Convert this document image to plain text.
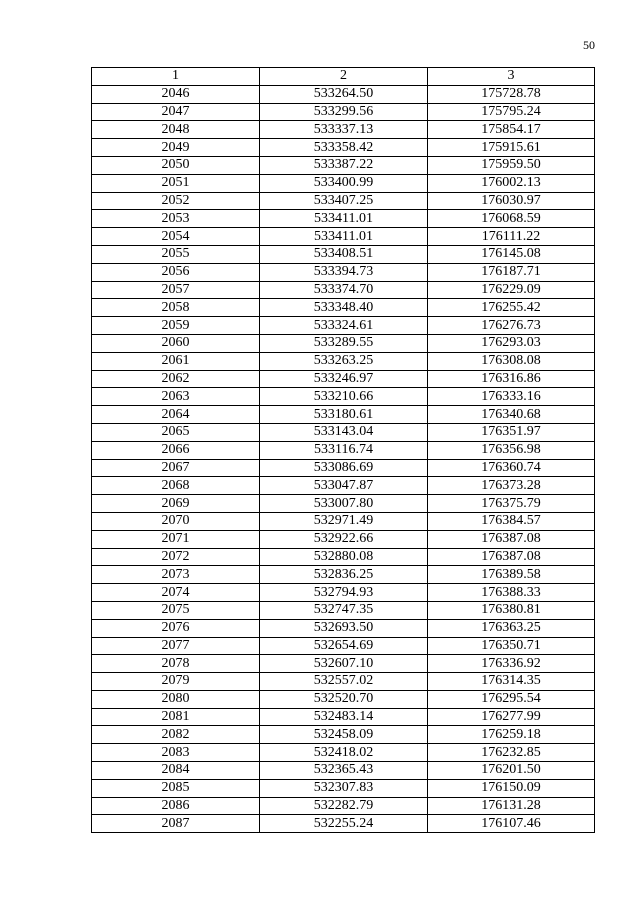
50
1	2	3
2046	533264.50	175728.78
2047	533299.56	175795.24
2048	533337.13	175854.17
2049	533358.42	175915.61
2050	533387.22	175959.50
2051	533400.99	176002.13
2052	533407.25	176030.97
2053	533411.01	176068.59
2054	533411.01	176111.22
2055	533408.51	176145.08
2056	533394.73	176187.71
2057	533374.70	176229.09
2058	533348.40	176255.42
2059	533324.61	176276.73
2060	533289.55	176293.03
2061	533263.25	176308.08
2062	533246.97	176316.86
2063	533210.66	176333.16
2064	533180.61	176340.68
2065	533143.04	176351.97
2066	533116.74	176356.98
2067	533086.69	176360.74
2068	533047.87	176373.28
2069	533007.80	176375.79
2070	532971.49	176384.57
2071	532922.66	176387.08
2072	532880.08	176387.08
2073	532836.25	176389.58
2074	532794.93	176388.33
2075	532747.35	176380.81
2076	532693.50	176363.25
2077	532654.69	176350.71
2078	532607.10	176336.92
2079	532557.02	176314.35
2080	532520.70	176295.54
2081	532483.14	176277.99
2082	532458.09	176259.18
2083	532418.02	176232.85
2084	532365.43	176201.50
2085	532307.83	176150.09
2086	532282.79	176131.28
2087	532255.24	176107.46
